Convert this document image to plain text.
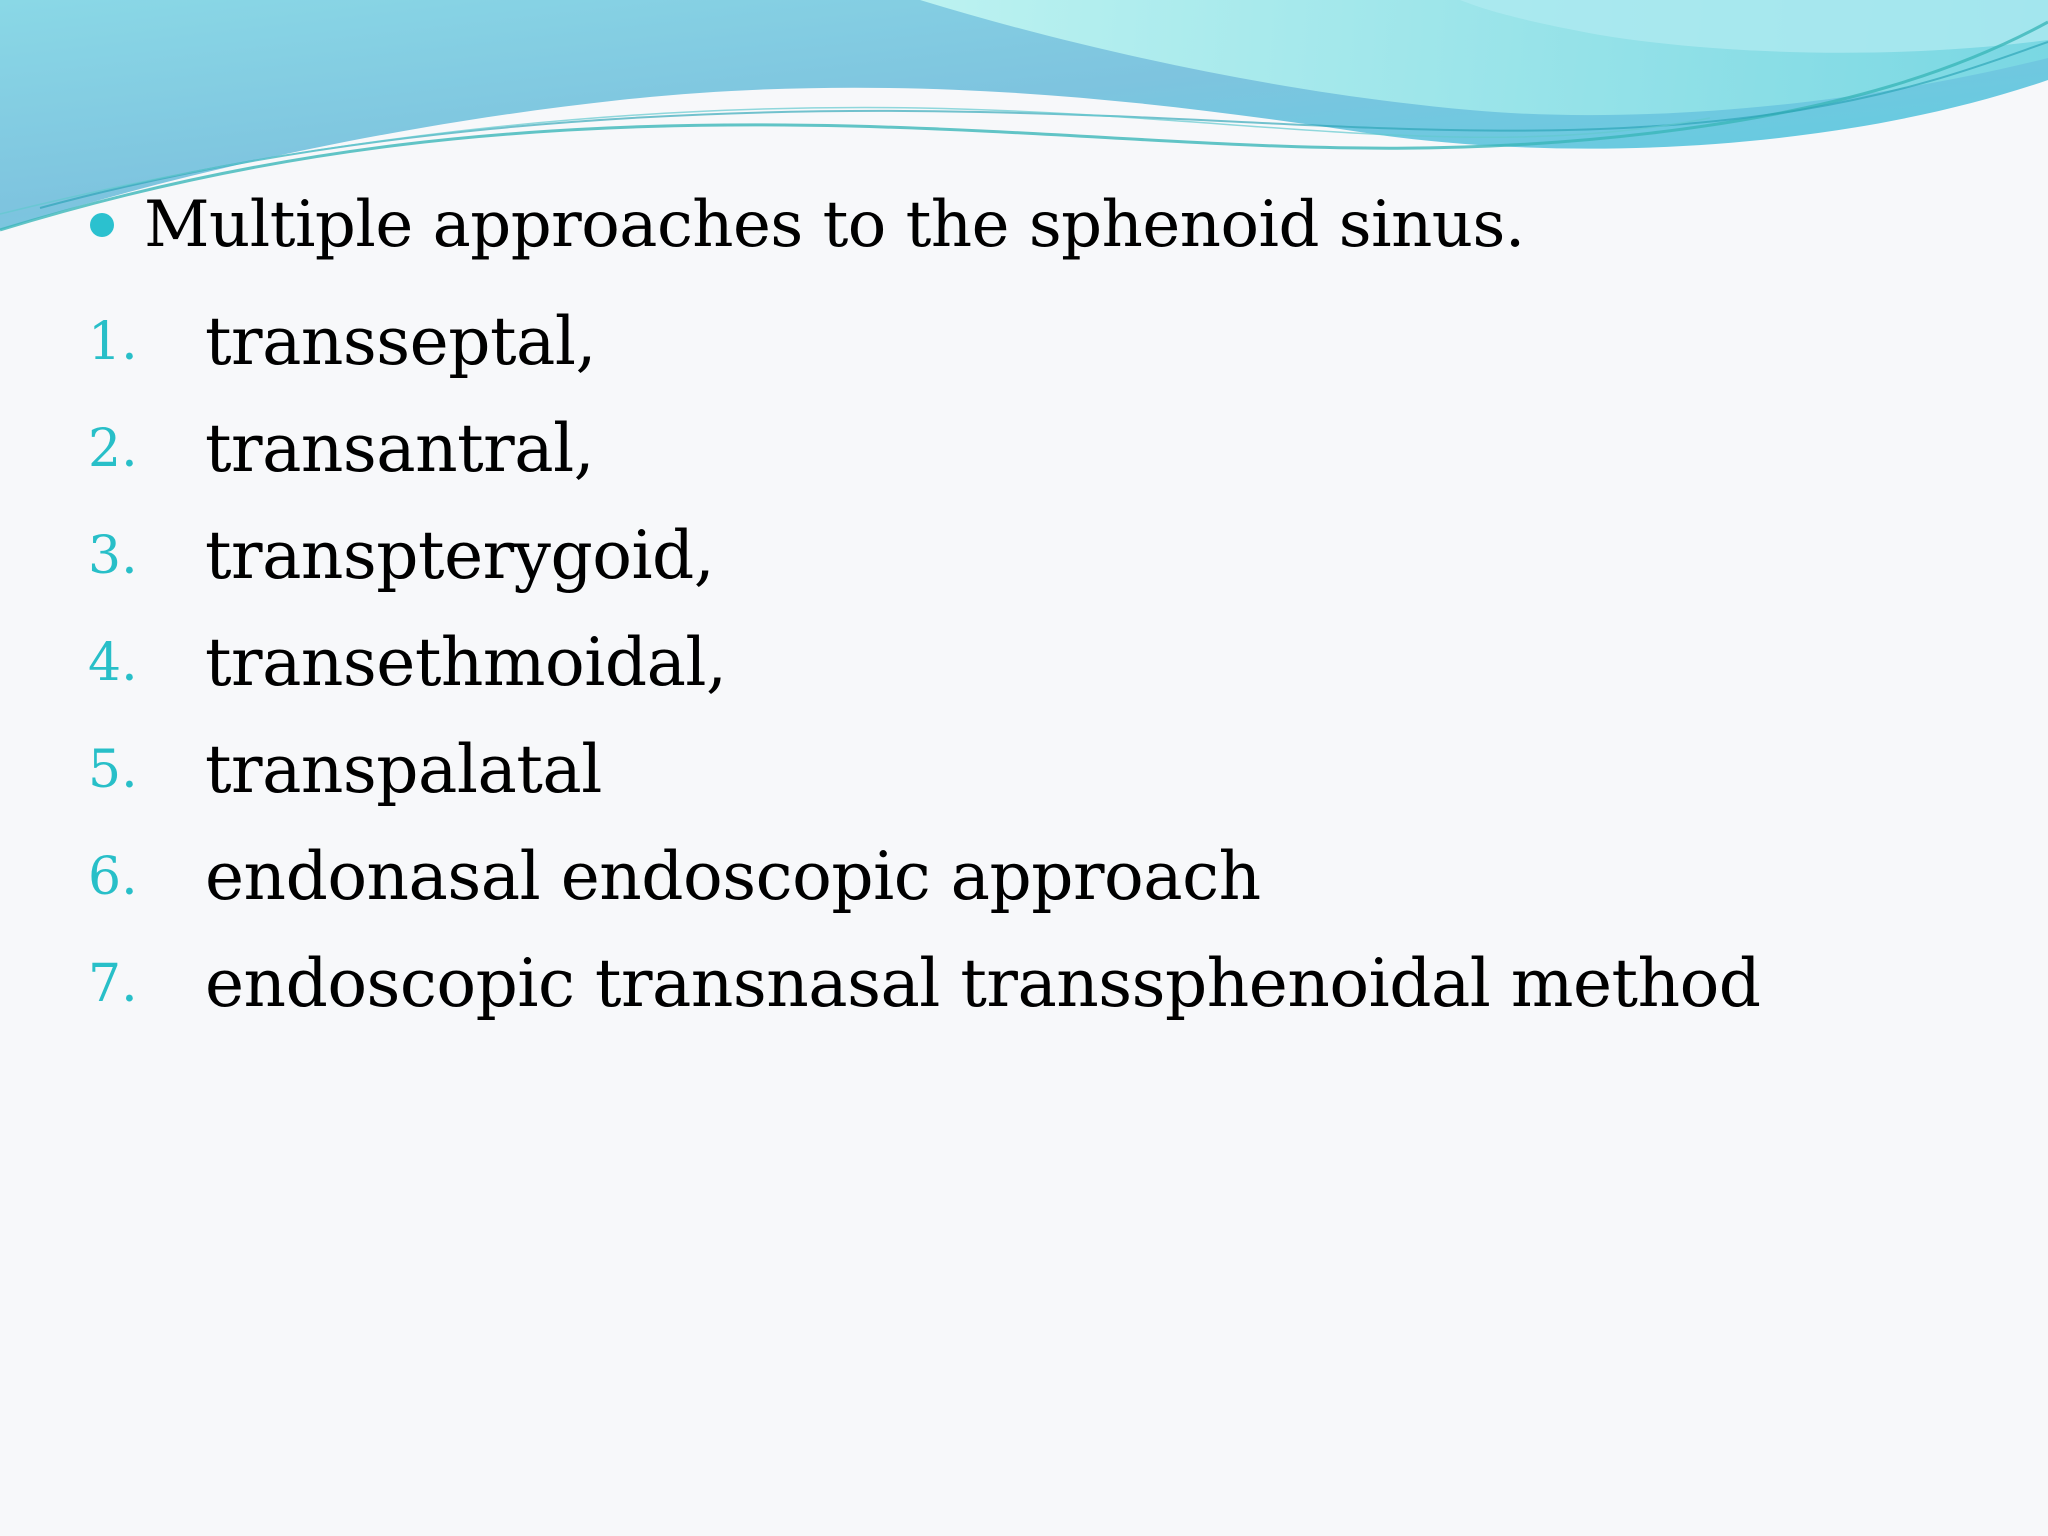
Multiple approaches to the sphenoid sinus.
1.	transseptal,
2.	transantral,
3.	transpterygoid,
4.	transethmoidal,
5.	transpalatal
6.	endonasal endoscopic approach
7.	endoscopic transnasal transsphenoidal method
